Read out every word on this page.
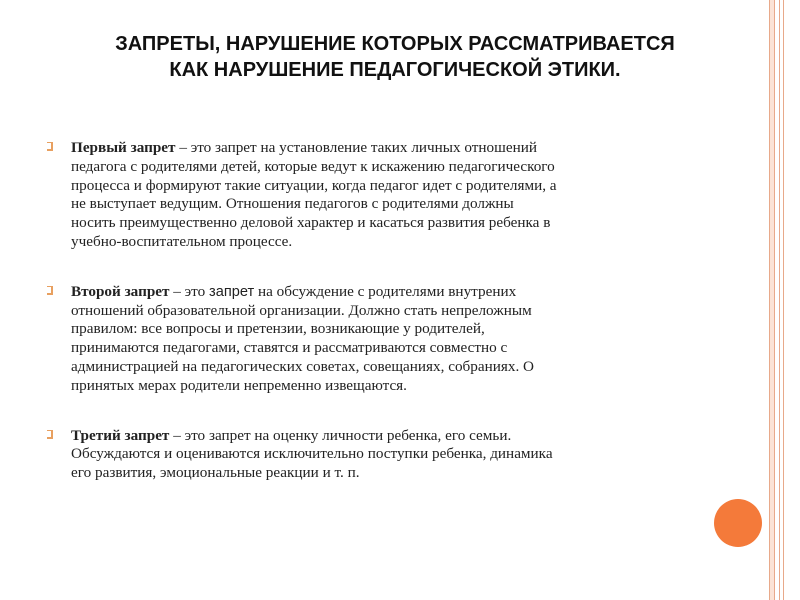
ЗАПРЕТЫ, НАРУШЕНИЕ КОТОРЫХ РАССМАТРИВАЕТСЯ
КАК НАРУШЕНИЕ ПЕДАГОГИЧЕСКОЙ ЭТИКИ.
Первый запрет – это запрет на установление таких личных отношений
педагога с родителями детей, которые ведут к искажению педагогического
процесса и формируют такие ситуации, когда педагог идет с родителями, а
не выступает ведущим. Отношения педагогов с родителями должны
носить преимущественно деловой характер и касаться развития ребенка в
учебно-воспитательном процессе.
Второй запрет – это запрет на обсуждение с родителями внутрених
отношений образовательной организации. Должно стать непреложным
правилом: все вопросы и претензии, возникающие у родителей,
принимаются педагогами, ставятся и рассматриваются совместно с
администрацией на педагогических советах, совещаниях, собраниях. О
принятых мерах родители непременно извещаются.
Третий запрет – это запрет на оценку личности ребенка, его семьи.
Обсуждаются и оцениваются исключительно поступки ребенка, динамика
его развития, эмоциональные реакции и т. п.
